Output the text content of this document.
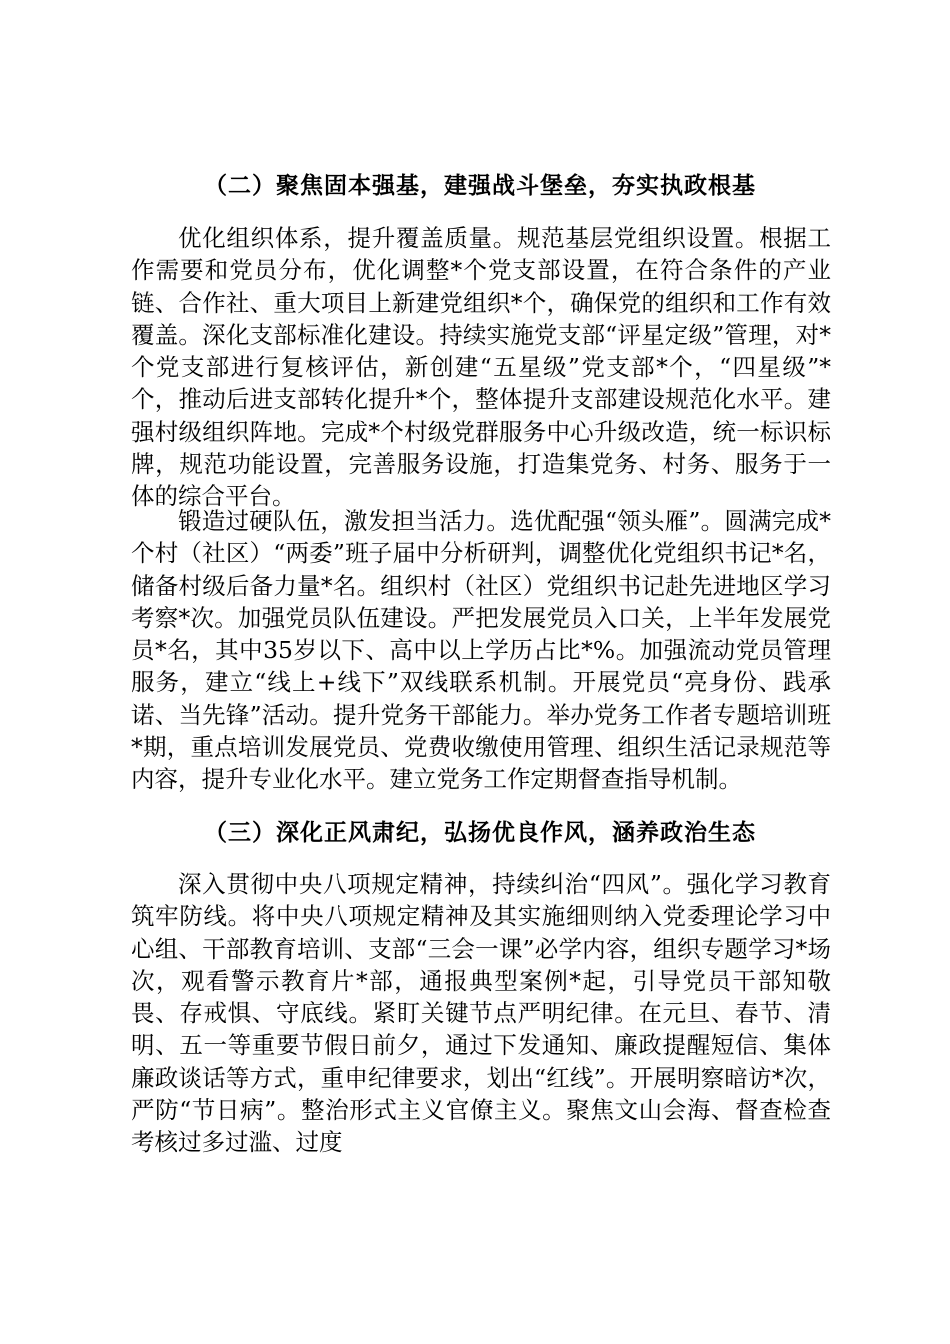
（二）聚焦固本强基，建强战斗堡垒，夯实执政根基
优化组织体系，提升覆盖质量。规范基层党组织设置。根据工作需要和党员分布，优化调整*个党支部设置，在符合条件的产业链、合作社、重大项目上新建党组织*个，确保党的组织和工作有效覆盖。深化支部标准化建设。持续实施党支部“评星定级”管理，对*个党支部进行复核评估，新创建“五星级”党支部*个，“四星级”*个，推动后进支部转化提升*个，整体提升支部建设规范化水平。建强村级组织阵地。完成*个村级党群服务中心升级改造，统一标识标牌，规范功能设置，完善服务设施，打造集党务、村务、服务于一体的综合平台。
锻造过硬队伍，激发担当活力。选优配强“领头雁”。圆满完成*个村（社区）“两委”班子届中分析研判，调整优化党组织书记*名，储备村级后备力量*名。组织村（社区）党组织书记赴先进地区学习考察*次。加强党员队伍建设。严把发展党员入口关，上半年发展党员*名，其中35岁以下、高中以上学历占比*%。加强流动党员管理服务，建立“线上+线下”双线联系机制。开展党员“亮身份、践承诺、当先锋”活动。提升党务干部能力。举办党务工作者专题培训班*期，重点培训发展党员、党费收缴使用管理、组织生活记录规范等内容，提升专业化水平。建立党务工作定期督查指导机制。
（三）深化正风肃纪，弘扬优良作风，涵养政治生态
深入贯彻中央八项规定精神，持续纠治“四风”。强化学习教育筑牢防线。将中央八项规定精神及其实施细则纳入党委理论学习中心组、干部教育培训、支部“三会一课”必学内容，组织专题学习*场次，观看警示教育片*部，通报典型案例*起，引导党员干部知敬畏、存戒惧、守底线。紧盯关键节点严明纪律。在元旦、春节、清明、五一等重要节假日前夕，通过下发通知、廉政提醒短信、集体廉政谈话等方式，重申纪律要求，划出“红线”。开展明察暗访*次，严防“节日病”。整治形式主义官僚主义。聚焦文山会海、督查检查考核过多过滥、过度
